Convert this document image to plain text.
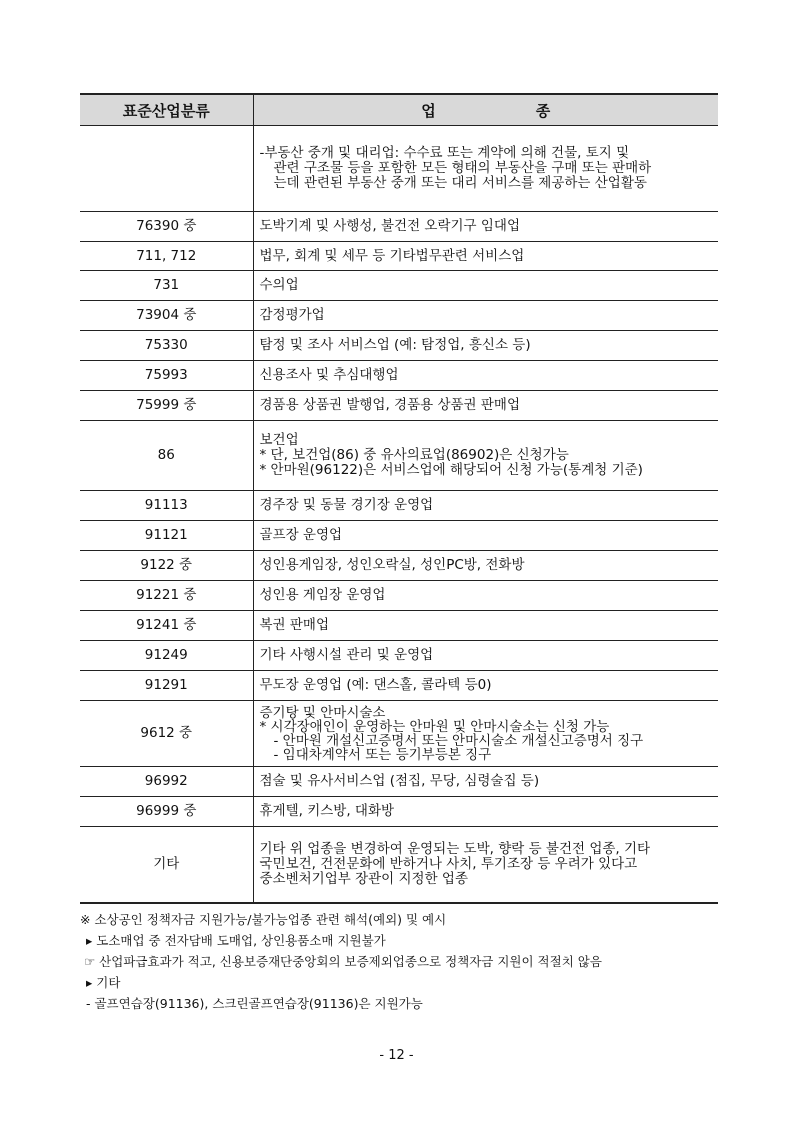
표준산업분류	업 종
	-부동산 중개 및 대리업: 수수료 또는 계약에 의해 건물, 토지 및
관련 구조물 등을 포함한 모든 형태의 부동산을 구매 또는 판매하
는데 관련된 부동산 중개 또는 대리 서비스를 제공하는 산업활동

76390 중	도박기계 및 사행성, 불건전 오락기구 임대업
711, 712	법무, 회계 및 세무 등 기타법무관련 서비스업
731	수의업
73904 중	감정평가업
75330	탐정 및 조사 서비스업 (예: 탐정업, 흥신소 등)
75993	신용조사 및 추심대행업
75999 중	경품용 상품권 발행업, 경품용 상품권 판매업
86	보건업
* 단, 보건업(86) 중 유사의료업(86902)은 신청가능
* 안마원(96122)은 서비스업에 해당되어 신청 가능(통계청 기준)

91113	경주장 및 동물 경기장 운영업
91121	골프장 운영업
9122 중	성인용게임장, 성인오락실, 성인PC방, 전화방
91221 중	성인용 게임장 운영업
91241 중	복권 판매업
91249	기타 사행시설 관리 및 운영업
91291	무도장 운영업 (예: 댄스홀, 콜라텍 등0)
9612 중	증기탕 및 안마시술소
* 시각장애인이 운영하는 안마원 및 안마시술소는 신청 가능
- 안마원 개설신고증명서 또는 안마시술소 개설신고증명서 징구
- 임대차계약서 또는 등기부등본 징구

96992	점술 및 유사서비스업 (점집, 무당, 심령술집 등)
96999 중	휴게텔, 키스방, 대화방
기타	기타 위 업종을 변경하여 운영되는 도박, 향락 등 불건전 업종, 기타
국민보건, 건전문화에 반하거나 사치, 투기조장 등 우려가 있다고
중소벤처기업부 장관이 지정한 업종
※ 소상공인 정책자금 지원가능/불가능업종 관련 해석(예외) 및 예시
▸ 도소매업 중 전자담배 도매업, 상인용품소매 지원불가
☞ 산업파급효과가 적고, 신용보증재단중앙회의 보증제외업종으로 정책자금 지원이 적절치 않음
▸ 기타
- 골프연습장(91136), 스크린골프연습장(91136)은 지원가능
- 12 -
